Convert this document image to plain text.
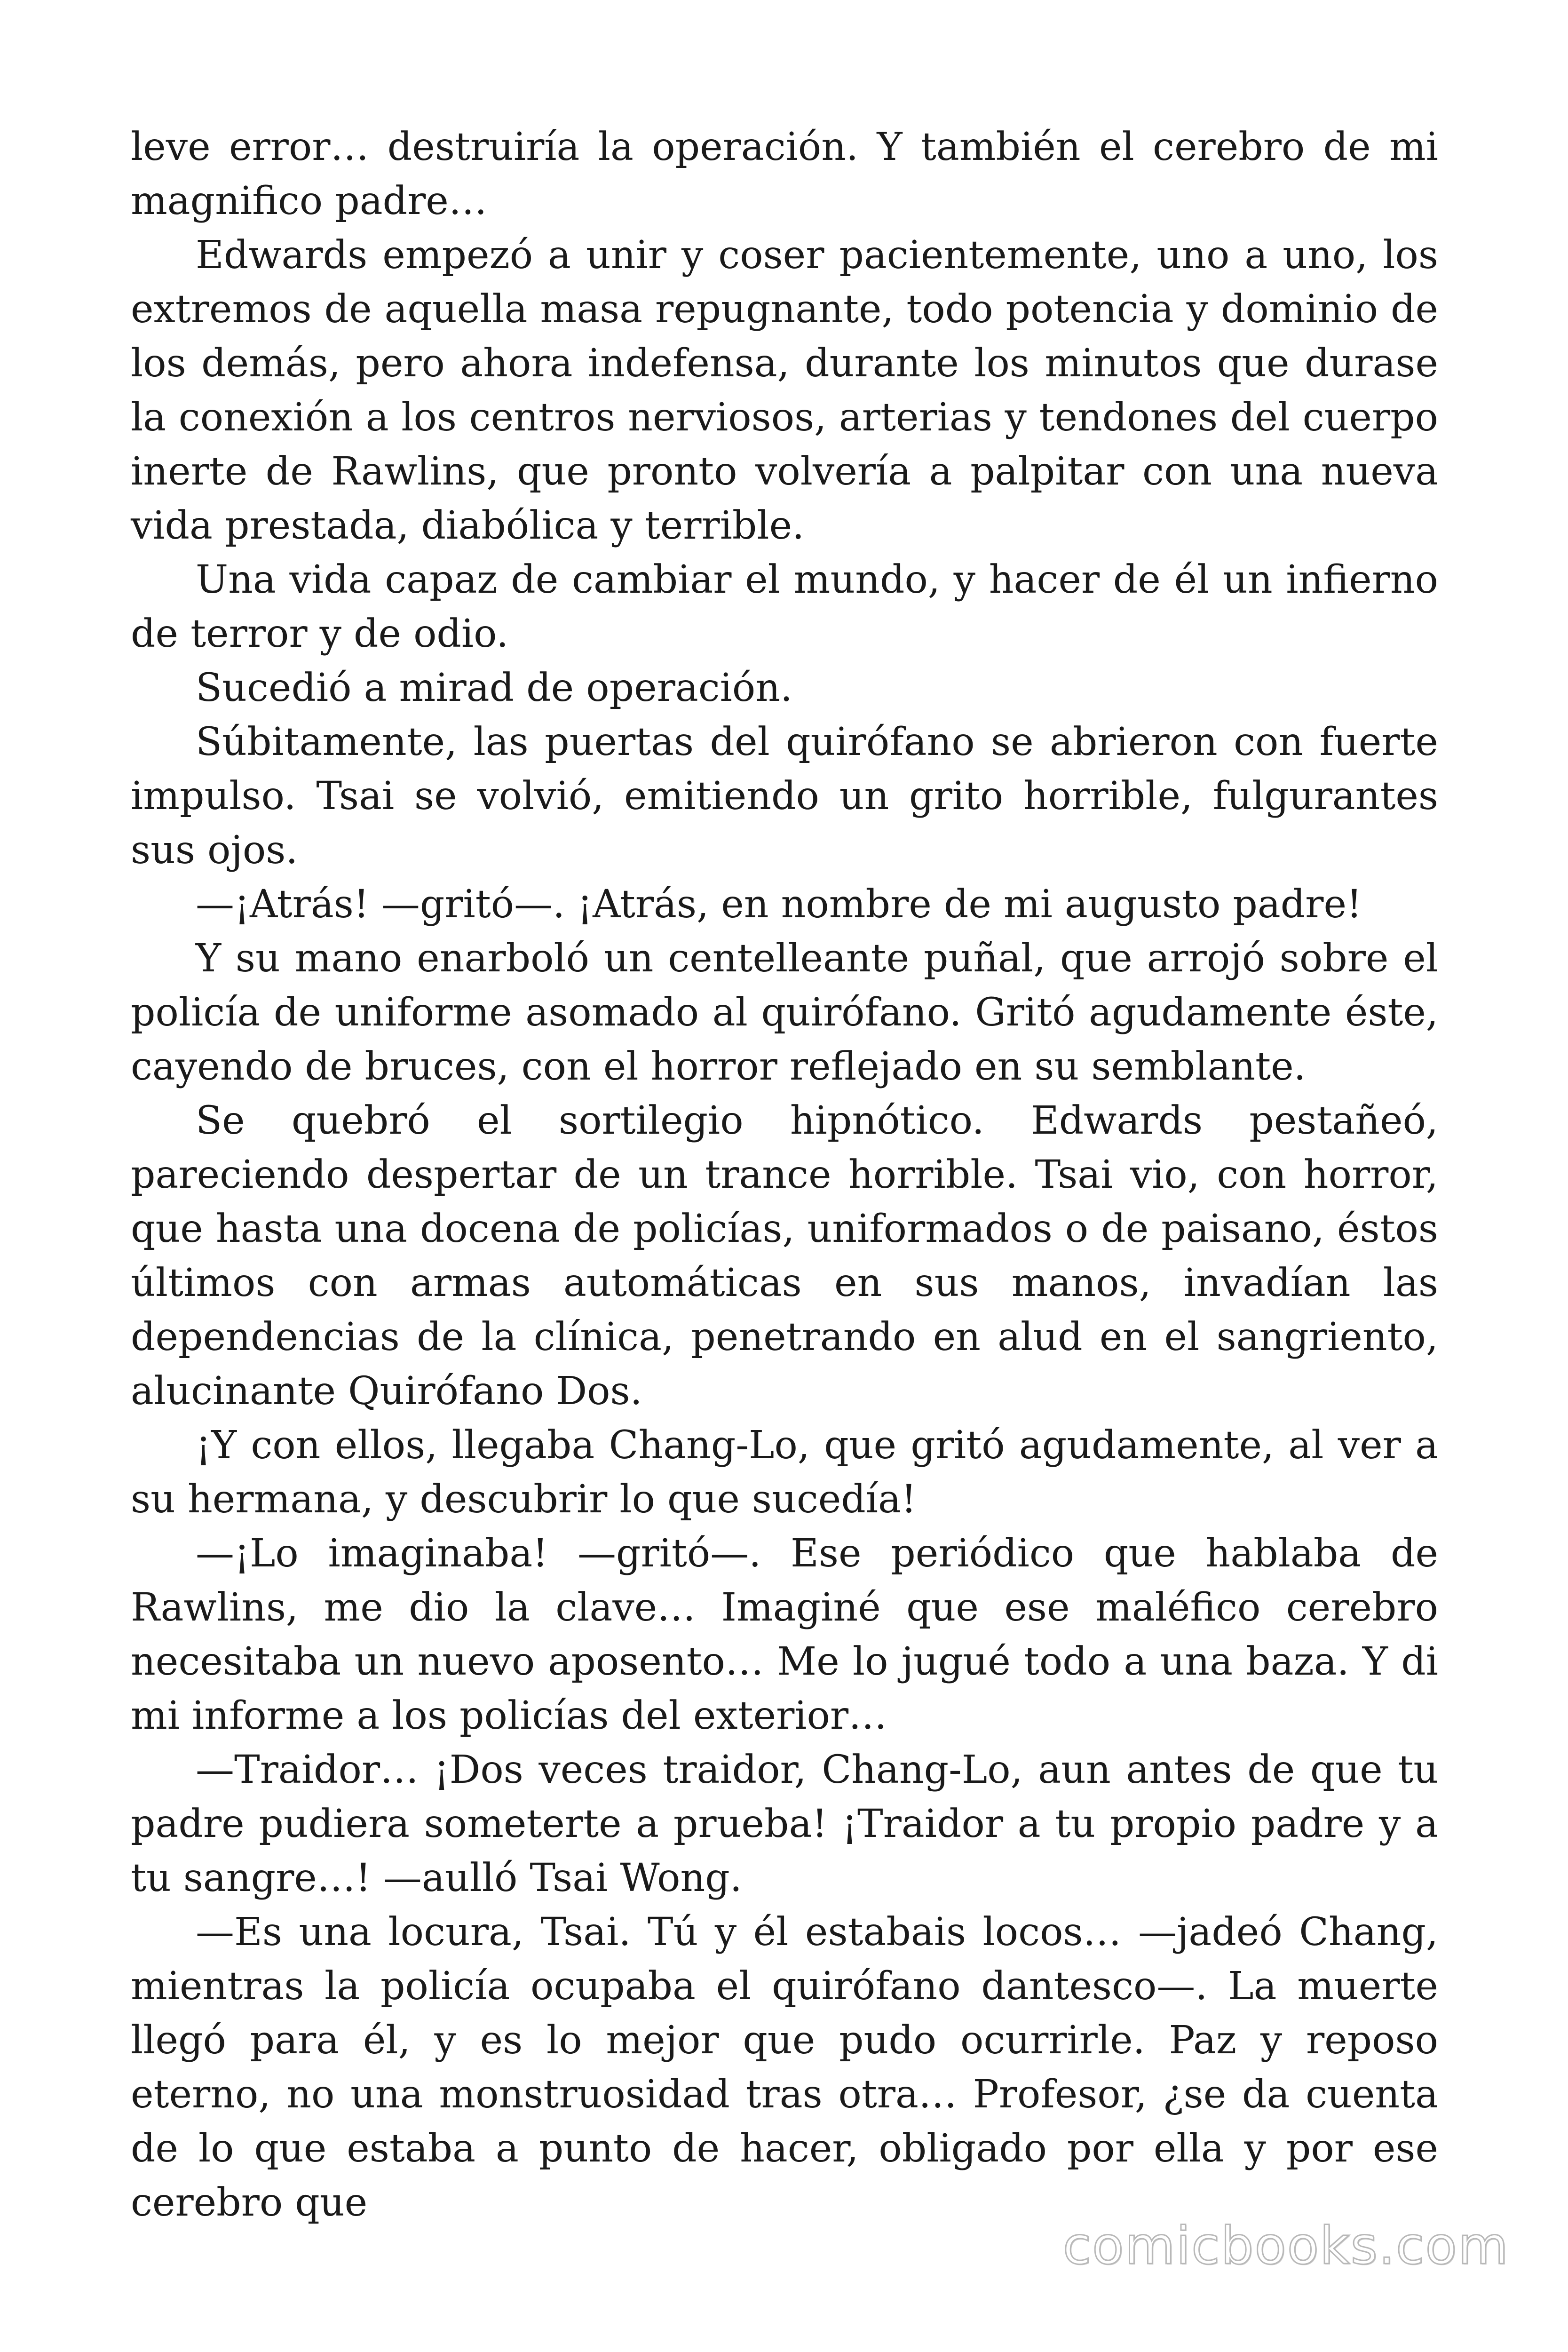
leve error… destruiría la operación. Y también el cerebro de mi magnifico padre…

Edwards empezó a unir y coser pacientemente, uno a uno, los extremos de aquella masa repugnante, todo potencia y dominio de los demás, pero ahora indefensa, durante los minutos que durase la conexión a los centros nerviosos, arterias y tendones del cuerpo inerte de Rawlins, que pronto volvería a palpitar con una nueva vida prestada, diabólica y terrible.

Una vida capaz de cambiar el mundo, y hacer de él un infierno de terror y de odio.

Sucedió a mirad de operación.

Súbitamente, las puertas del quirófano se abrieron con fuerte impulso. Tsai se volvió, emitiendo un grito horrible, fulgurantes sus ojos.

—¡Atrás! —gritó—. ¡Atrás, en nombre de mi augusto padre!

Y su mano enarboló un centelleante puñal, que arrojó sobre el policía de uniforme asomado al quirófano. Gritó agudamente éste, cayendo de bruces, con el horror reflejado en su semblante.

Se quebró el sortilegio hipnótico. Edwards pestañeó, pareciendo despertar de un trance horrible. Tsai vio, con horror, que hasta una docena de policías, uniformados o de paisano, éstos últimos con armas automáticas en sus manos, invadían las dependencias de la clínica, penetrando en alud en el sangriento, alucinante Quirófano Dos.

¡Y con ellos, llegaba Chang-Lo, que gritó agudamente, al ver a su hermana, y descubrir lo que sucedía!

—¡Lo imaginaba! —gritó—. Ese periódico que hablaba de Rawlins, me dio la clave… Imaginé que ese maléfico cerebro necesitaba un nuevo aposento… Me lo jugué todo a una baza. Y di mi informe a los policías del exterior…

—Traidor… ¡Dos veces traidor, Chang-Lo, aun antes de que tu padre pudiera someterte a prueba! ¡Traidor a tu propio padre y a tu sangre…! —aulló Tsai Wong.

—Es una locura, Tsai. Tú y él estabais locos… —jadeó Chang, mientras la policía ocupaba el quirófano dantesco—. La muerte llegó para él, y es lo mejor que pudo ocurrirle. Paz y reposo eterno, no una monstruosidad tras otra… Profesor, ¿se da cuenta de lo que estaba a punto de hacer, obligado por ella y por ese cerebro que

comicbooks.com
